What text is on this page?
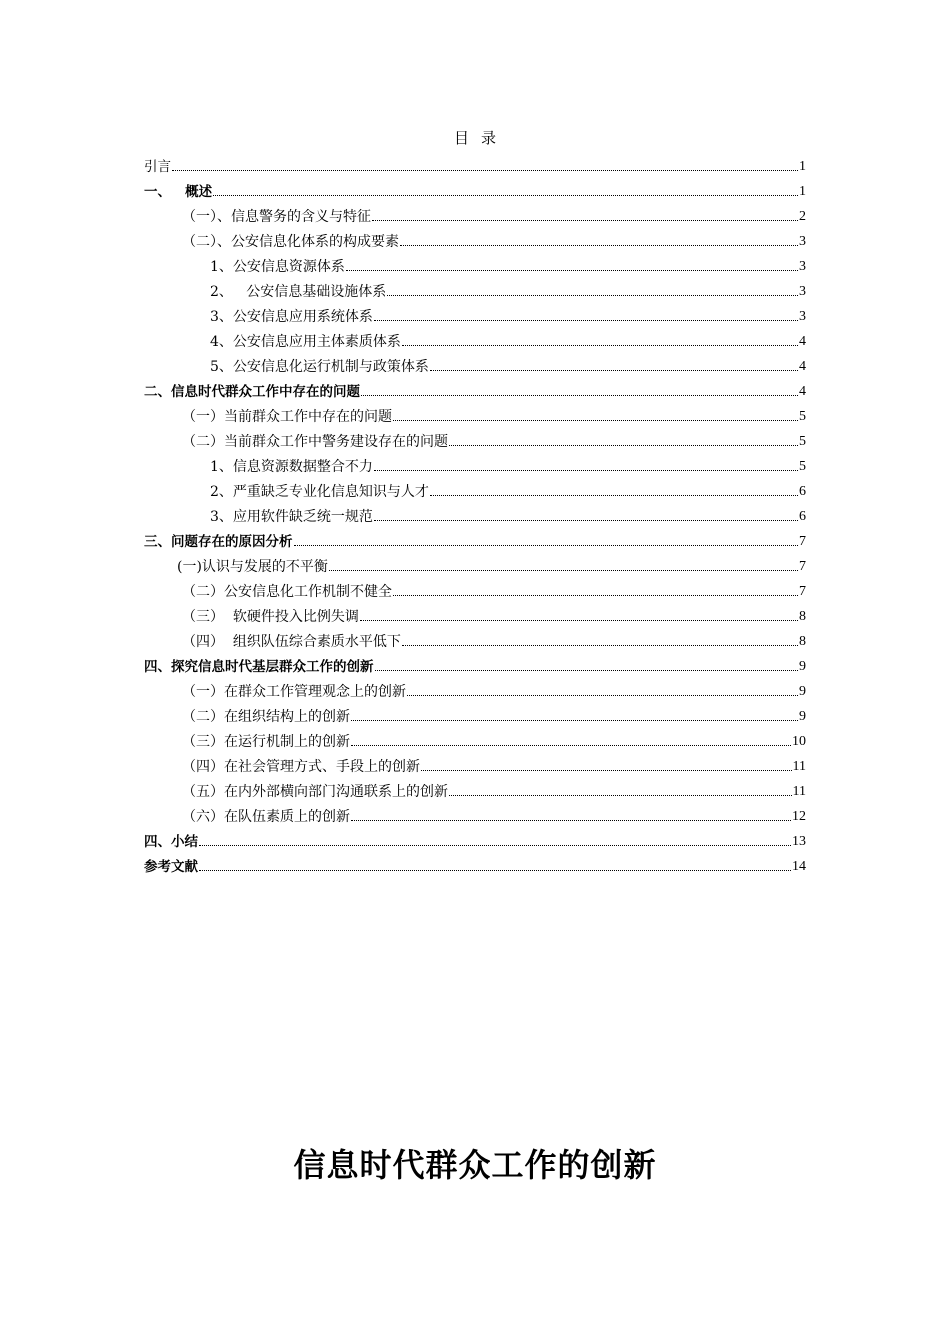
目 录
引言	1
一、   概述	1
（一）、信息警务的含义与特征	2
（二）、公安信息化体系的构成要素	3
1、公安信息资源体系	3
2、   公安信息基础设施体系	3
3、公安信息应用系统体系	3
4、公安信息应用主体素质体系	4
5、公安信息化运行机制与政策体系	4
二、信息时代群众工作中存在的问题	4
（一）当前群众工作中存在的问题	5
（二）当前群众工作中警务建设存在的问题	5
1、信息资源数据整合不力	5
2、严重缺乏专业化信息知识与人才	6
3、应用软件缺乏统一规范	6
三、问题存在的原因分析	7
(一)认识与发展的不平衡	7
（二）公安信息化工作机制不健全	7
（三）  软硬件投入比例失调	8
（四）  组织队伍综合素质水平低下	8
四、探究信息时代基层群众工作的创新	9
（一）在群众工作管理观念上的创新	9
（二）在组织结构上的创新	9
（三）在运行机制上的创新	10
（四）在社会管理方式、手段上的创新	11
（五）在内外部横向部门沟通联系上的创新	11
（六）在队伍素质上的创新	12
四、小结	13
参考文献	14
信息时代群众工作的创新
